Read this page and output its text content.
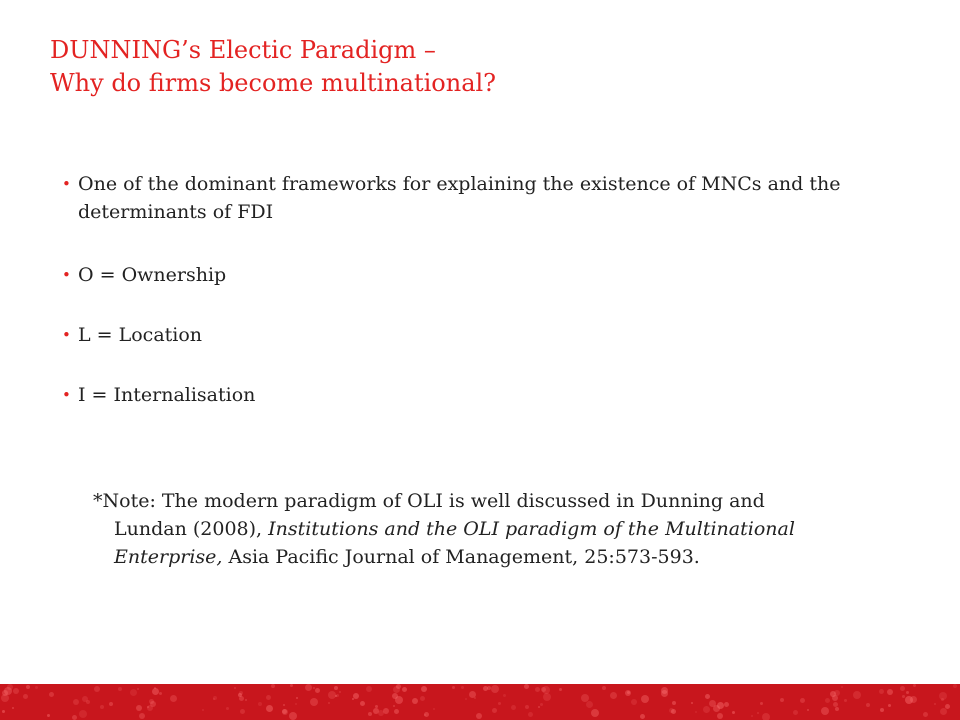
DUNNING’s Electic Paradigm –
Why do firms become multinational?
• One of the dominant frameworks for explaining the existence of MNCs and the determinants of FDI
• O = Ownership
• L = Location
• I = Internalisation
*Note: The modern paradigm of OLI is well discussed in Dunning and
Lundan (2008), Institutions and the OLI paradigm of the Multinational
Enterprise, Asia Pacific Journal of Management, 25:573-593.
